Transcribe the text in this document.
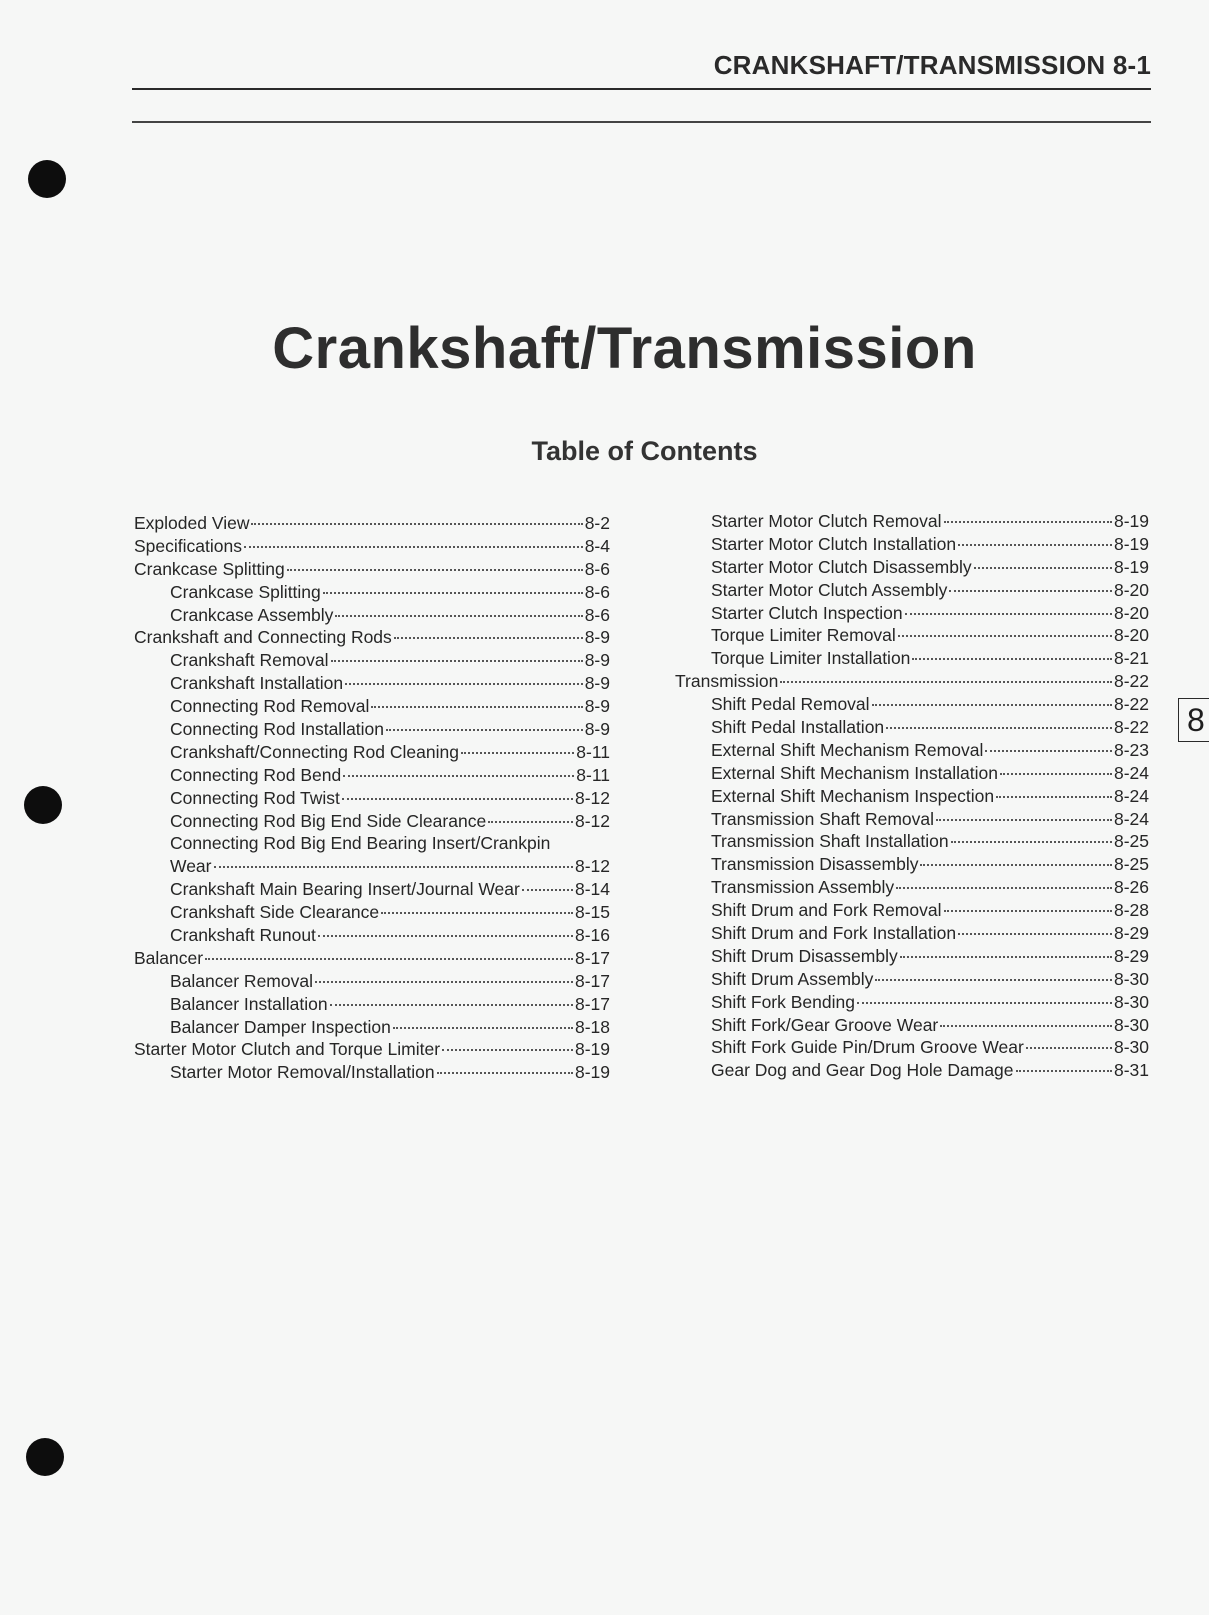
CRANKSHAFT/TRANSMISSION 8-1
Crankshaft/Transmission
Table of Contents
Exploded View	8-2
Specifications	8-4
Crankcase Splitting	8-6
Crankcase Splitting	8-6
Crankcase Assembly	8-6
Crankshaft and Connecting Rods	8-9
Crankshaft Removal	8-9
Crankshaft Installation	8-9
Connecting Rod Removal	8-9
Connecting Rod Installation	8-9
Crankshaft/Connecting Rod Cleaning	8-11
Connecting Rod Bend	8-11
Connecting Rod Twist	8-12
Connecting Rod Big End Side Clearance	8-12
Connecting Rod Big End Bearing Insert/Crankpin
Wear	8-12
Crankshaft Main Bearing Insert/Journal Wear	8-14
Crankshaft Side Clearance	8-15
Crankshaft Runout	8-16
Balancer	8-17
Balancer Removal	8-17
Balancer Installation	8-17
Balancer Damper Inspection	8-18
Starter Motor Clutch and Torque Limiter	8-19
Starter Motor Removal/Installation	8-19
Starter Motor Clutch Removal	8-19
Starter Motor Clutch Installation	8-19
Starter Motor Clutch Disassembly	8-19
Starter Motor Clutch Assembly	8-20
Starter Clutch Inspection	8-20
Torque Limiter Removal	8-20
Torque Limiter Installation	8-21
Transmission	8-22
Shift Pedal Removal	8-22
Shift Pedal Installation	8-22
External Shift Mechanism Removal	8-23
External Shift Mechanism Installation	8-24
External Shift Mechanism Inspection	8-24
Transmission Shaft Removal	8-24
Transmission Shaft Installation	8-25
Transmission Disassembly	8-25
Transmission Assembly	8-26
Shift Drum and Fork Removal	8-28
Shift Drum and Fork Installation	8-29
Shift Drum Disassembly	8-29
Shift Drum Assembly	8-30
Shift Fork Bending	8-30
Shift Fork/Gear Groove Wear	8-30
Shift Fork Guide Pin/Drum Groove Wear	8-30
Gear Dog and Gear Dog Hole Damage	8-31
8
